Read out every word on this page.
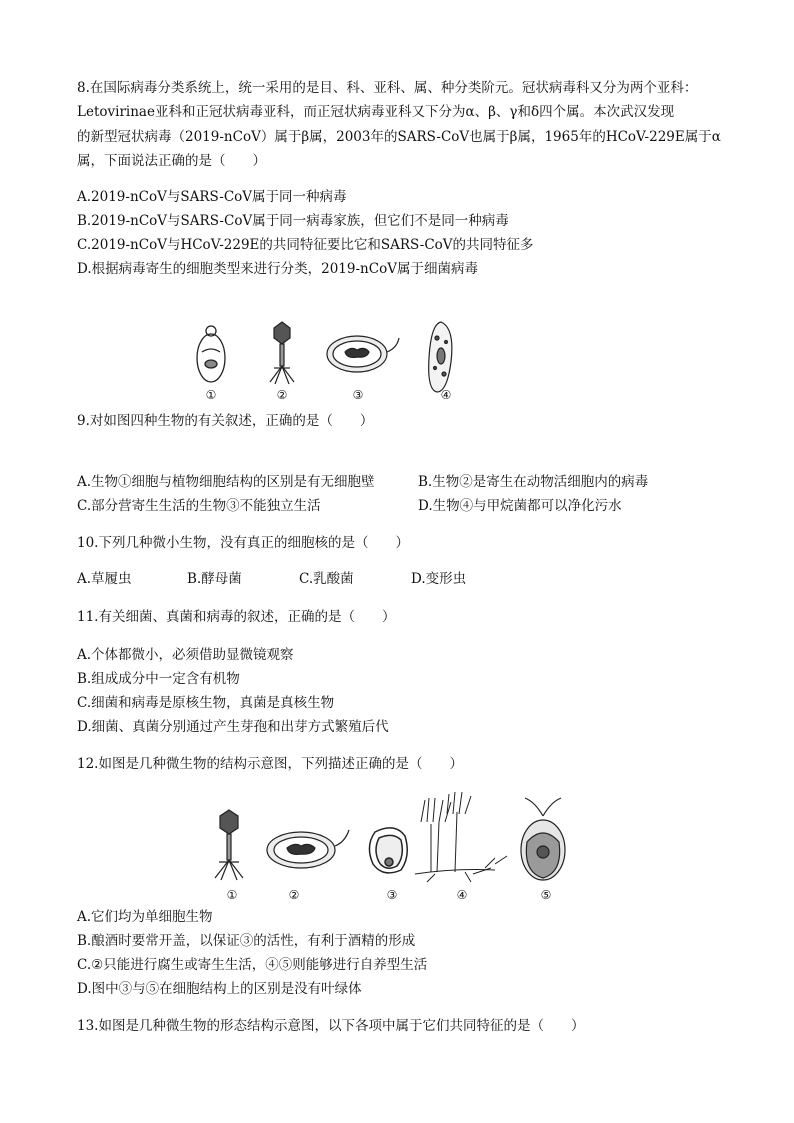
8.在国际病毒分类系统上，统一采用的是目、科、亚科、属、种分类阶元。冠状病毒科又分为两个亚科：
Letovirinae亚科和正冠状病毒亚科，而正冠状病毒亚科又下分为α、β、γ和δ四个属。本次武汉发现
的新型冠状病毒（2019-nCoV）属于β属，2003年的SARS-CoV也属于β属，1965年的HCoV-229E属于α
属，下面说法正确的是（　　）
A.2019-nCoV与SARS-CoV属于同一种病毒
B.2019-nCoV与SARS-CoV属于同一病毒家族，但它们不是同一种病毒
C.2019-nCoV与HCoV-229E的共同特征要比它和SARS-CoV的共同特征多
D.根据病毒寄生的细胞类型来进行分类，2019-nCoV属于细菌病毒
①	②	③	④
9.对如图四种生物的有关叙述，正确的是（　　）
A.生物①细胞与植物细胞结构的区别是有无细胞壁	B.生物②是寄生在动物活细胞内的病毒
C.部分营寄生生活的生物③不能独立生活	D.生物④与甲烷菌都可以净化污水
10.下列几种微小生物，没有真正的细胞核的是（　　）
A.草履虫	B.酵母菌	C.乳酸菌	D.变形虫
11.有关细菌、真菌和病毒的叙述，正确的是（　　）
A.个体都微小，必须借助显微镜观察
B.组成成分中一定含有机物
C.细菌和病毒是原核生物，真菌是真核生物
D.细菌、真菌分别通过产生芽孢和出芽方式繁殖后代
12.如图是几种微生物的结构示意图，下列描述正确的是（　　）
①	②	③	④	⑤
A.它们均为单细胞生物
B.酿酒时要常开盖，以保证③的活性，有利于酒精的形成
C.②只能进行腐生或寄生生活，④⑤则能够进行自养型生活
D.图中③与⑤在细胞结构上的区别是没有叶绿体
13.如图是几种微生物的形态结构示意图，以下各项中属于它们共同特征的是（　　）
